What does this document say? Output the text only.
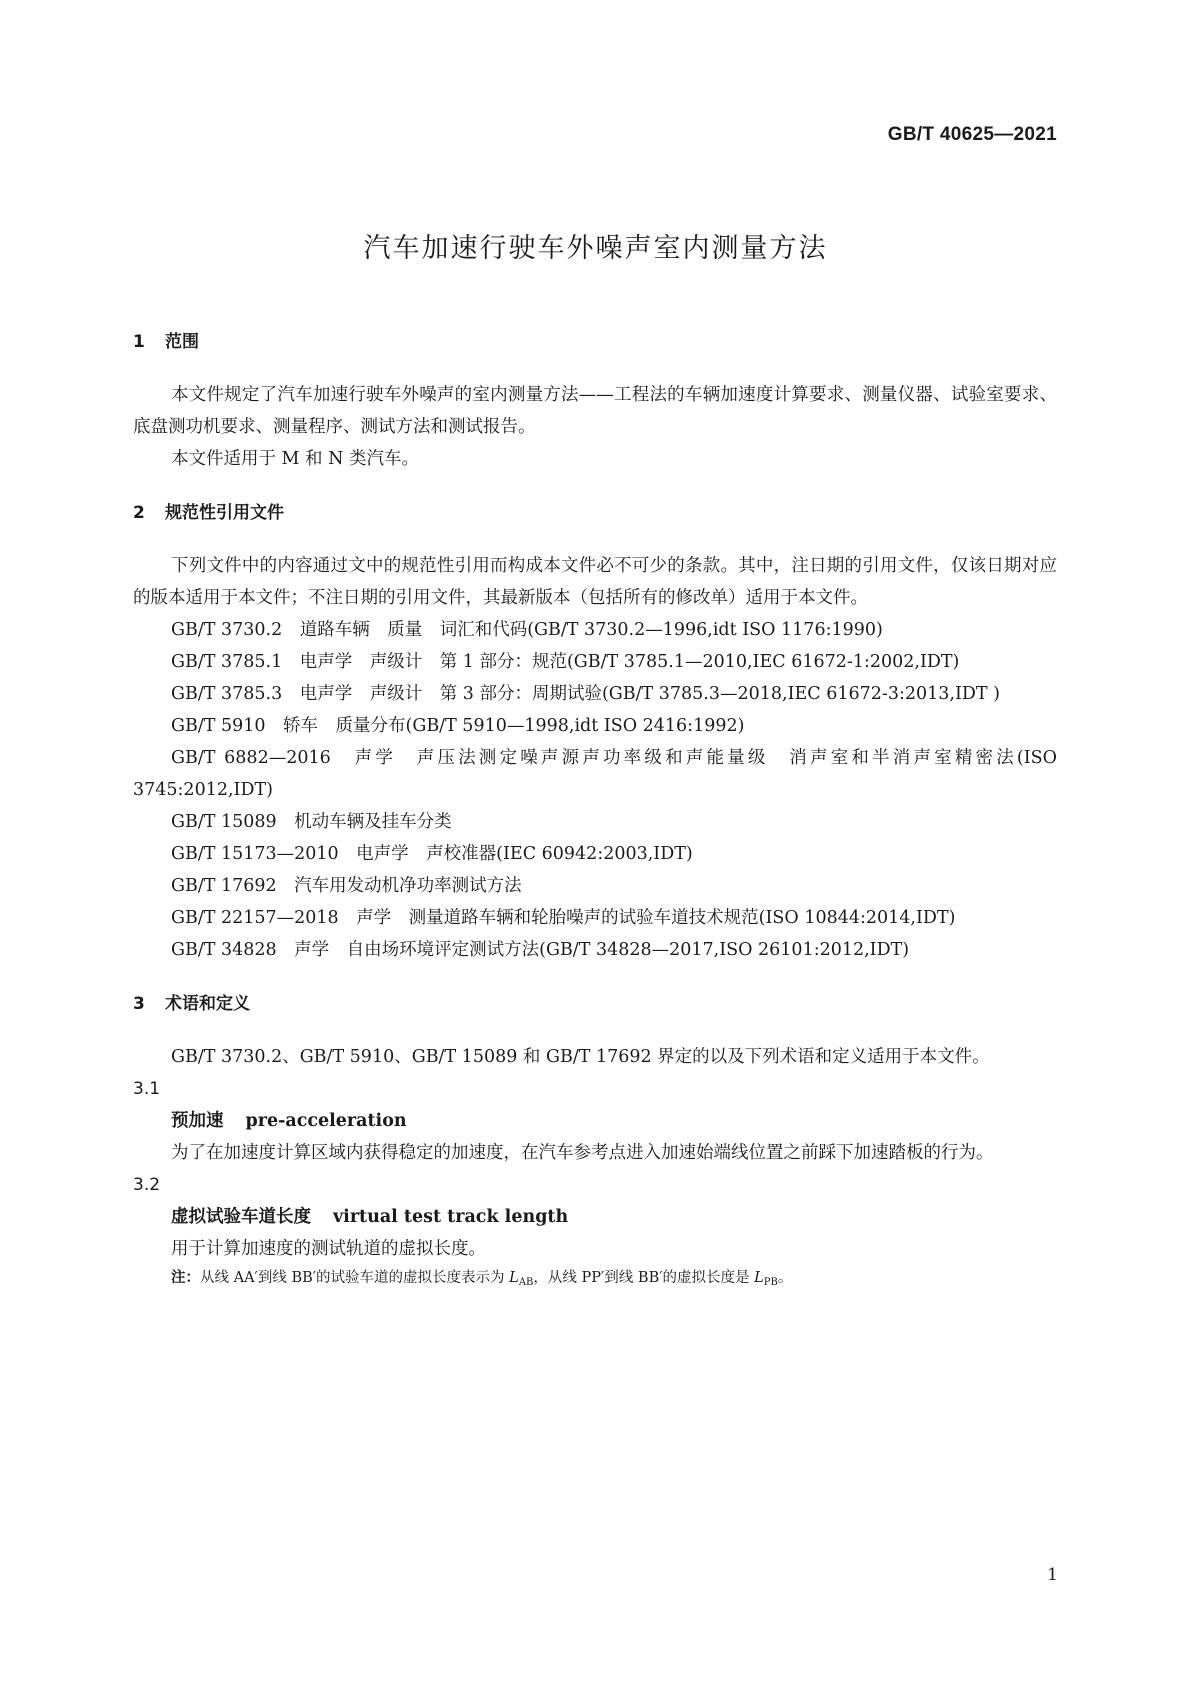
GB/T 40625—2021
汽车加速行驶车外噪声室内测量方法
1 范围

本文件规定了汽车加速行驶车外噪声的室内测量方法——工程法的车辆加速度计算要求、测量仪器、试验室要求、底盘测功机要求、测量程序、测试方法和测试报告。

本文件适用于 M 和 N 类汽车。

2 规范性引用文件

下列文件中的内容通过文中的规范性引用而构成本文件必不可少的条款。其中，注日期的引用文件，仅该日期对应的版本适用于本文件；不注日期的引用文件，其最新版本（包括所有的修改单）适用于本文件。

GB/T 3730.2　道路车辆　质量　词汇和代码(GB/T 3730.2—1996,idt ISO 1176:1990)

GB/T 3785.1　电声学　声级计　第 1 部分：规范(GB/T 3785.1—2010,IEC 61672-1:2002,IDT)

GB/T 3785.3　电声学　声级计　第 3 部分：周期试验(GB/T 3785.3—2018,IEC 61672-3:2013,IDT )

GB/T 5910　轿车　质量分布(GB/T 5910—1998,idt ISO 2416:1992)

GB/T 6882—2016　声学　声压法测定噪声源声功率级和声能量级　消声室和半消声室精密法(ISO 3745:2012,IDT)

GB/T 15089　机动车辆及挂车分类

GB/T 15173—2010　电声学　声校准器(IEC 60942:2003,IDT)

GB/T 17692　汽车用发动机净功率测试方法

GB/T 22157—2018　声学　测量道路车辆和轮胎噪声的试验车道技术规范(ISO 10844:2014,IDT)

GB/T 34828　声学　自由场环境评定测试方法(GB/T 34828—2017,ISO 26101:2012,IDT)

3 术语和定义

GB/T 3730.2、GB/T 5910、GB/T 15089 和 GB/T 17692 界定的以及下列术语和定义适用于本文件。

3.1

预加速 pre-acceleration

为了在加速度计算区域内获得稳定的加速度，在汽车参考点进入加速始端线位置之前踩下加速踏板的行为。

3.2

虚拟试验车道长度 virtual test track length

用于计算加速度的测试轨道的虚拟长度。

注：从线 AA′到线 BB′的试验车道的虚拟长度表示为 $L_{AB}$，从线 PP′到线 BB′的虚拟长度是 $L_{PB}$。

1
